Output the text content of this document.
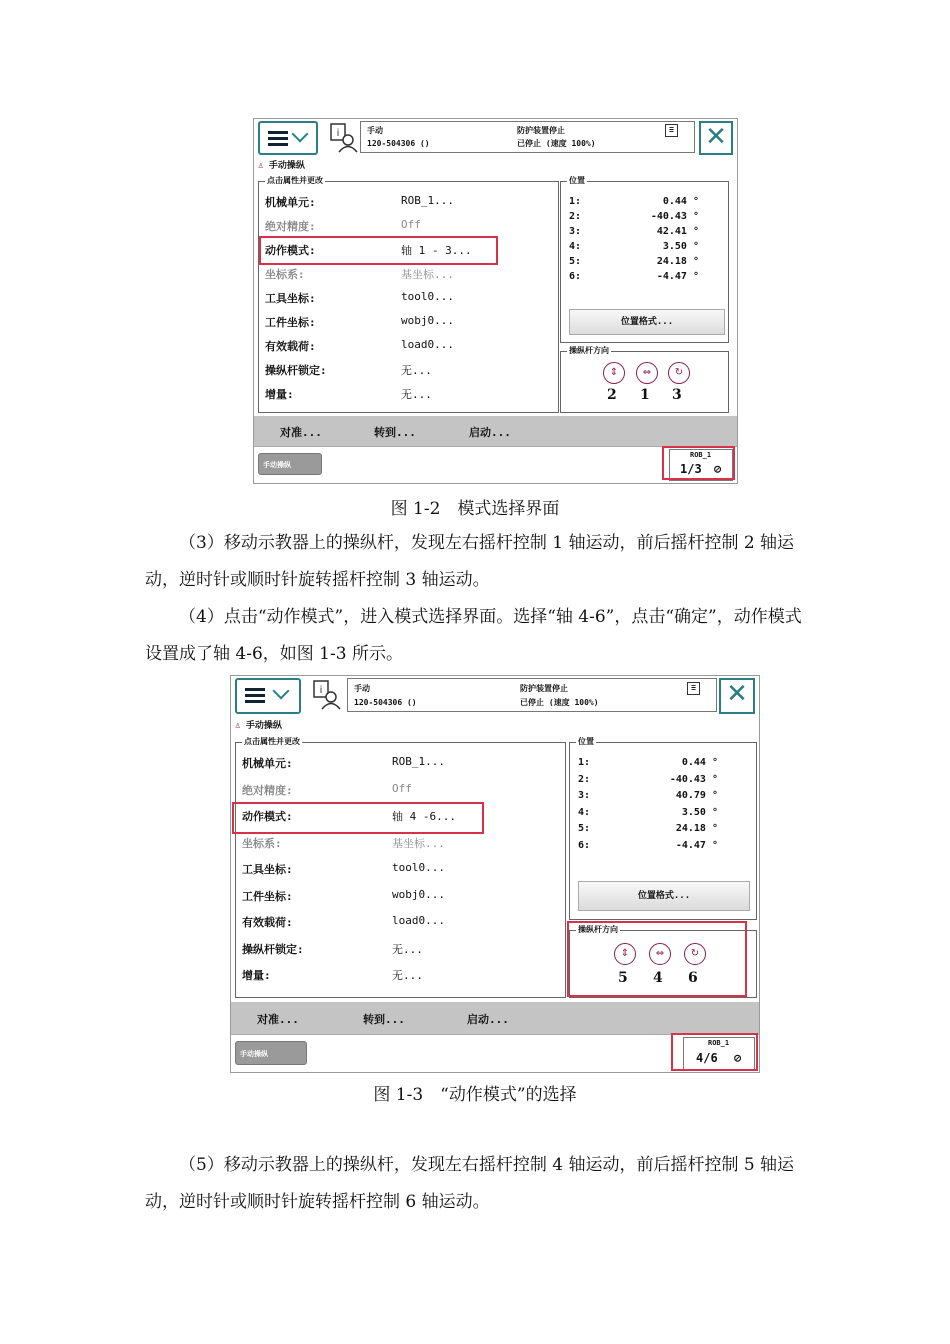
i	手动
120-504306 ()
防护装置停止
已停止 (速度 100%)
≡ ✕
♙ 手动操纵
点击属性并更改
机械单元:	ROB_1...
绝对精度:	Off
动作模式:	轴 1 - 3...
坐标系:	基坐标...
工具坐标:	tool0...
工件坐标:	wobj0...
有效载荷:	load0...
操纵杆锁定:	无...
增量:	无...
位置
1:	0.44 °
2:	-40.43 °
3:	42.41 °
4:	3.50 °
5:	24.18 °
6:	-4.47 °
位置格式...
操纵杆方向
⇕	⇔	↻
2 1 3
对准...	转到...	启动...
手动操纵
ROB_1
1/3 ⊘
图 1-2　模式选择界面

（3）移动示教器上的操纵杆，发现左右摇杆控制 1 轴运动，前后摇杆控制 2 轴运动，逆时针或顺时针旋转摇杆控制 3 轴运动。

（4）点击“动作模式”，进入模式选择界面。选择“轴 4-6”，点击“确定”，动作模式设置成了轴 4-6，如图 1-3 所示。

i	手动
120-504306 ()
防护装置停止
已停止 (速度 100%)
≡ ✕
♙ 手动操纵
点击属性并更改
机械单元:	ROB_1...
绝对精度:	Off
动作模式:	轴 4 -6...
坐标系:	基坐标...
工具坐标:	tool0...
工件坐标:	wobj0...
有效载荷:	load0...
操纵杆锁定:	无...
增量:	无...
位置
1:	0.44 °
2:	-40.43 °
3:	40.79 °
4:	3.50 °
5:	24.18 °
6:	-4.47 °
位置格式...
操纵杆方向
⇕	⇔	↻
5 4 6
对准...	转到...	启动...
手动操纵
ROB_1
4/6 ⊘
图 1-3　“动作模式”的选择

（5）移动示教器上的操纵杆，发现左右摇杆控制 4 轴运动，前后摇杆控制 5 轴运动，逆时针或顺时针旋转摇杆控制 6 轴运动。
